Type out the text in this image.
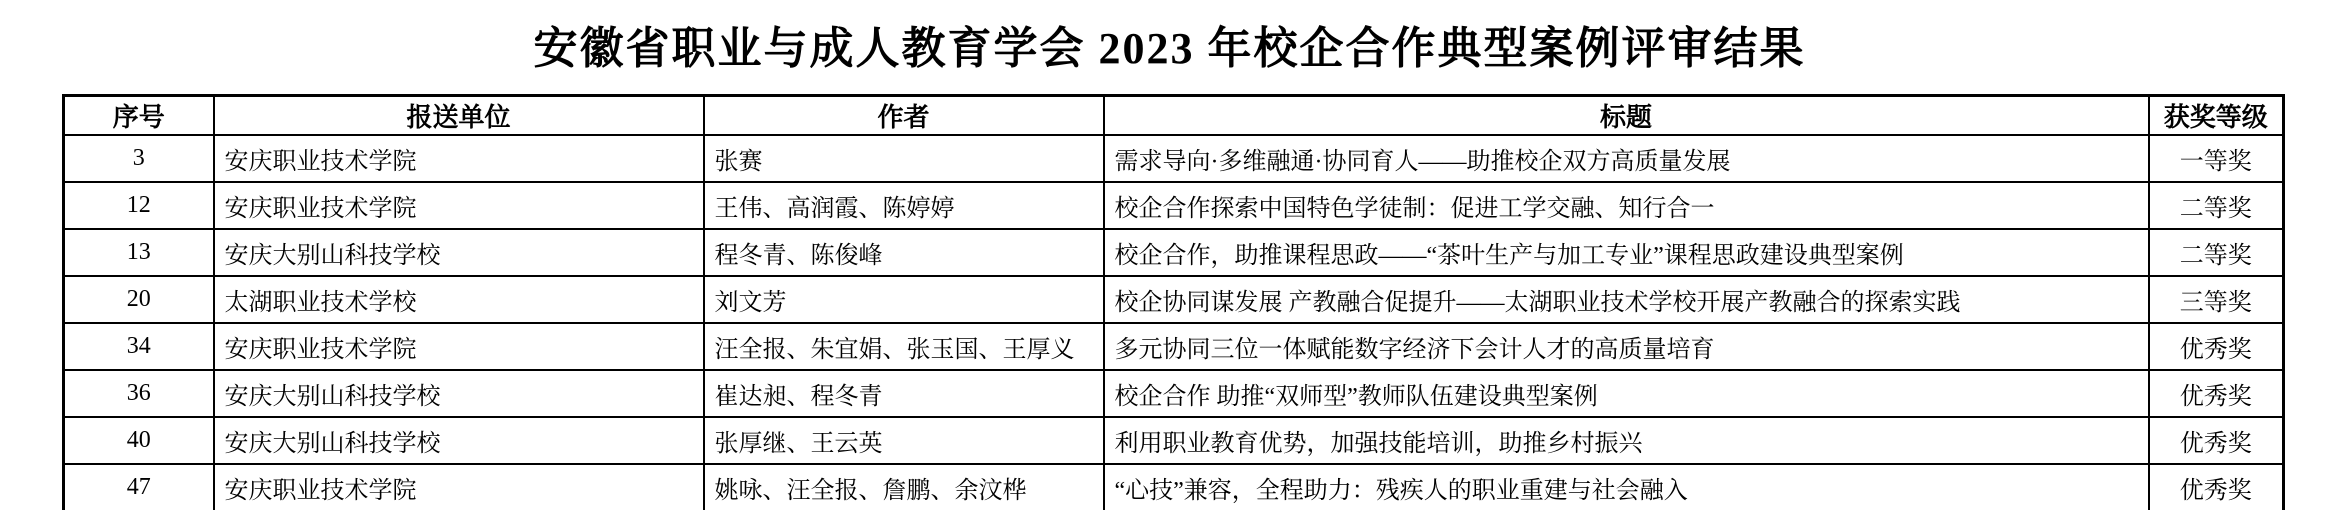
安徽省职业与成人教育学会 2023 年校企合作典型案例评审结果
序号	报送单位	作者	标题	获奖等级
3	安庆职业技术学院	张赛	需求导向·多维融通·协同育人——助推校企双方高质量发展	一等奖
12	安庆职业技术学院	王伟、高润霞、陈婷婷	校企合作探索中国特色学徒制：促进工学交融、知行合一	二等奖
13	安庆大别山科技学校	程冬青、陈俊峰	校企合作，助推课程思政——“茶叶生产与加工专业”课程思政建设典型案例	二等奖
20	太湖职业技术学校	刘文芳	校企协同谋发展 产教融合促提升——太湖职业技术学校开展产教融合的探索实践	三等奖
34	安庆职业技术学院	汪全报、朱宜娟、张玉国、王厚义	多元协同三位一体赋能数字经济下会计人才的高质量培育	优秀奖
36	安庆大别山科技学校	崔达昶、程冬青	校企合作 助推“双师型”教师队伍建设典型案例	优秀奖
40	安庆大别山科技学校	张厚继、王云英	利用职业教育优势，加强技能培训，助推乡村振兴	优秀奖
47	安庆职业技术学院	姚咏、汪全报、詹鹏、余汶桦	“心技”兼容，全程助力：残疾人的职业重建与社会融入	优秀奖
